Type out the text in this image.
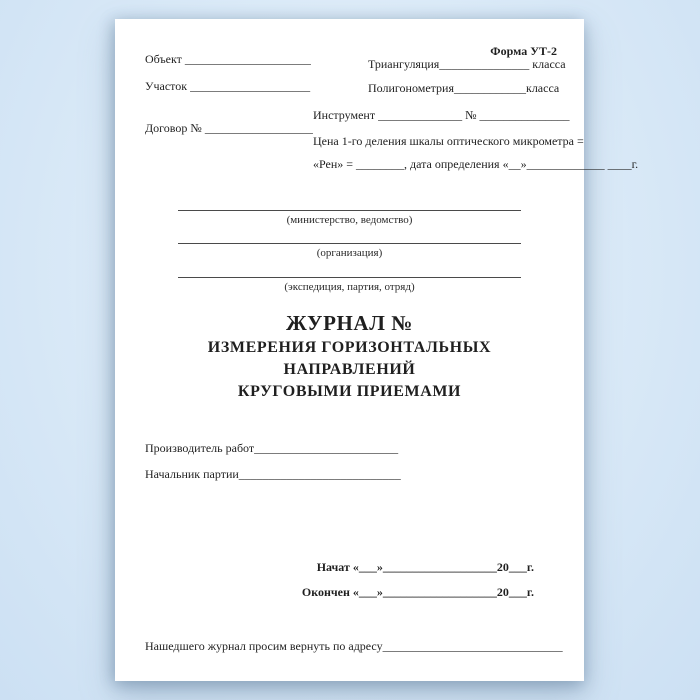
Форма УТ-2
Объект _____________________
Участок ____________________
Договор № __________________
Триангуляция_______________ класса
Полигонометрия____________класса
Инструмент ______________ № _______________
Цена 1-го деления шкалы оптического микрометра =
«Рен» = ________, дата определения «__»_____________ ____г.
(министерство, ведомство)
(организация)
(экспедиция, партия, отряд)
ЖУРНАЛ №
ИЗМЕРЕНИЯ ГОРИЗОНТАЛЬНЫХ
НАПРАВЛЕНИЙ
КРУГОВЫМИ ПРИЕМАМИ
Производитель работ________________________
Начальник партии___________________________
Начат «___»___________________20___г.
Окончен «___»___________________20___г.
Нашедшего журнал просим вернуть по адресу______________________________
